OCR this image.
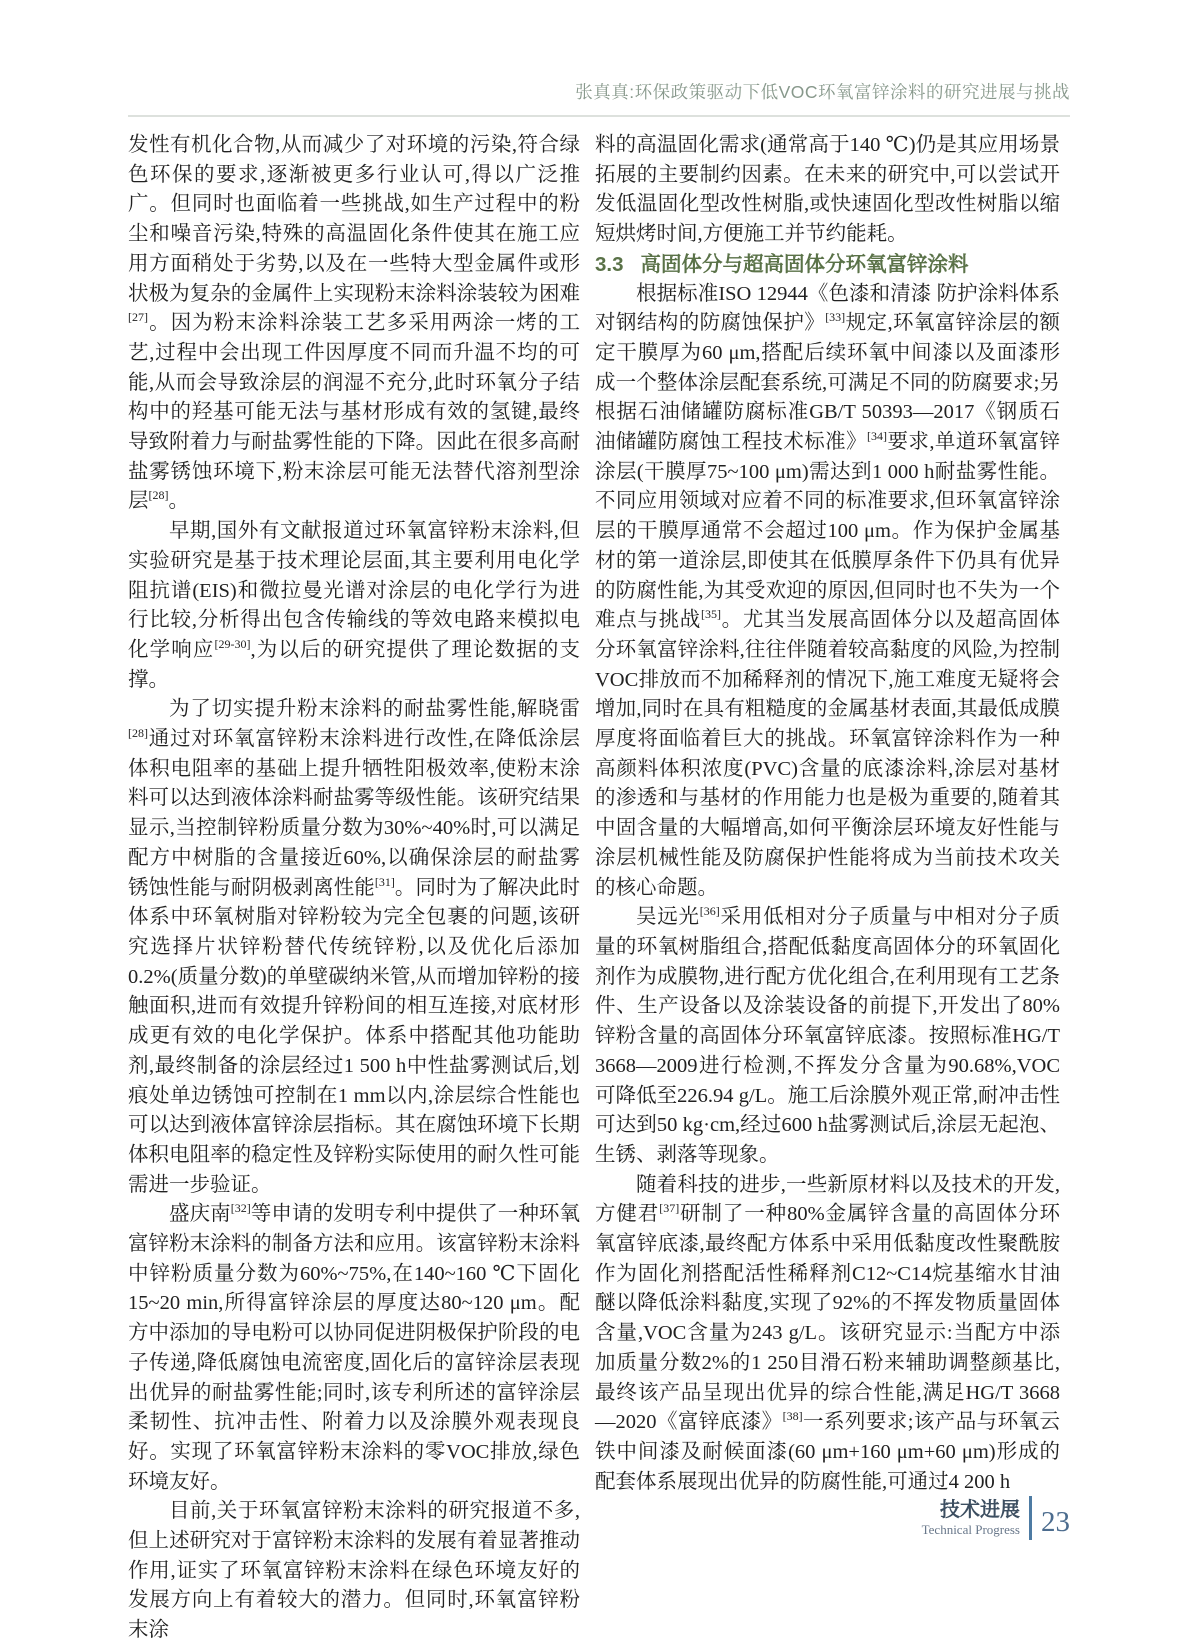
张真真:环保政策驱动下低VOC环氧富锌涂料的研究进展与挑战

发性有机化合物,从而减少了对环境的污染,符合绿色环保的要求,逐渐被更多行业认可,得以广泛推广。但同时也面临着一些挑战,如生产过程中的粉尘和噪音污染,特殊的高温固化条件使其在施工应用方面稍处于劣势,以及在一些特大型金属件或形状极为复杂的金属件上实现粉末涂料涂装较为困难[27]。因为粉末涂料涂装工艺多采用两涂一烤的工艺,过程中会出现工件因厚度不同而升温不均的可能,从而会导致涂层的润湿不充分,此时环氧分子结构中的羟基可能无法与基材形成有效的氢键,最终导致附着力与耐盐雾性能的下降。因此在很多高耐盐雾锈蚀环境下,粉末涂层可能无法替代溶剂型涂层[28]。

早期,国外有文献报道过环氧富锌粉末涂料,但实验研究是基于技术理论层面,其主要利用电化学阻抗谱(EIS)和微拉曼光谱对涂层的电化学行为进行比较,分析得出包含传输线的等效电路来模拟电化学响应[29-30],为以后的研究提供了理论数据的支撑。

为了切实提升粉末涂料的耐盐雾性能,解晓雷[28]通过对环氧富锌粉末涂料进行改性,在降低涂层体积电阻率的基础上提升牺牲阳极效率,使粉末涂料可以达到液体涂料耐盐雾等级性能。该研究结果显示,当控制锌粉质量分数为30%~40%时,可以满足配方中树脂的含量接近60%,以确保涂层的耐盐雾锈蚀性能与耐阴极剥离性能[31]。同时为了解决此时体系中环氧树脂对锌粉较为完全包裹的问题,该研究选择片状锌粉替代传统锌粉,以及优化后添加0.2%(质量分数)的单壁碳纳米管,从而增加锌粉的接触面积,进而有效提升锌粉间的相互连接,对底材形成更有效的电化学保护。体系中搭配其他功能助剂,最终制备的涂层经过1 500 h中性盐雾测试后,划痕处单边锈蚀可控制在1 mm以内,涂层综合性能也可以达到液体富锌涂层指标。其在腐蚀环境下长期体积电阻率的稳定性及锌粉实际使用的耐久性可能需进一步验证。

盛庆南[32]等申请的发明专利中提供了一种环氧富锌粉末涂料的制备方法和应用。该富锌粉末涂料中锌粉质量分数为60%~75%,在140~160 ℃下固化15~20 min,所得富锌涂层的厚度达80~120 μm。配方中添加的导电粉可以协同促进阴极保护阶段的电子传递,降低腐蚀电流密度,固化后的富锌涂层表现出优异的耐盐雾性能;同时,该专利所述的富锌涂层柔韧性、抗冲击性、附着力以及涂膜外观表现良好。实现了环氧富锌粉末涂料的零VOC排放,绿色环境友好。

目前,关于环氧富锌粉末涂料的研究报道不多,但上述研究对于富锌粉末涂料的发展有着显著推动作用,证实了环氧富锌粉末涂料在绿色环境友好的发展方向上有着较大的潜力。但同时,环氧富锌粉末涂

料的高温固化需求(通常高于140 ℃)仍是其应用场景拓展的主要制约因素。在未来的研究中,可以尝试开发低温固化型改性树脂,或快速固化型改性树脂以缩短烘烤时间,方便施工并节约能耗。

3.3 高固体分与超高固体分环氧富锌涂料

根据标准ISO 12944《色漆和清漆 防护涂料体系对钢结构的防腐蚀保护》[33]规定,环氧富锌涂层的额定干膜厚为60 μm,搭配后续环氧中间漆以及面漆形成一个整体涂层配套系统,可满足不同的防腐要求;另根据石油储罐防腐标准GB/T 50393—2017《钢质石油储罐防腐蚀工程技术标准》[34]要求,单道环氧富锌涂层(干膜厚75~100 μm)需达到1 000 h耐盐雾性能。不同应用领域对应着不同的标准要求,但环氧富锌涂层的干膜厚通常不会超过100 μm。作为保护金属基材的第一道涂层,即使其在低膜厚条件下仍具有优异的防腐性能,为其受欢迎的原因,但同时也不失为一个难点与挑战[35]。尤其当发展高固体分以及超高固体分环氧富锌涂料,往往伴随着较高黏度的风险,为控制VOC排放而不加稀释剂的情况下,施工难度无疑将会增加,同时在具有粗糙度的金属基材表面,其最低成膜厚度将面临着巨大的挑战。环氧富锌涂料作为一种高颜料体积浓度(PVC)含量的底漆涂料,涂层对基材的渗透和与基材的作用能力也是极为重要的,随着其中固含量的大幅增高,如何平衡涂层环境友好性能与涂层机械性能及防腐保护性能将成为当前技术攻关的核心命题。

吴远光[36]采用低相对分子质量与中相对分子质量的环氧树脂组合,搭配低黏度高固体分的环氧固化剂作为成膜物,进行配方优化组合,在利用现有工艺条件、生产设备以及涂装设备的前提下,开发出了80%锌粉含量的高固体分环氧富锌底漆。按照标准HG/T 3668—2009进行检测,不挥发分含量为90.68%,VOC可降低至226.94 g/L。施工后涂膜外观正常,耐冲击性可达到50 kg·cm,经过600 h盐雾测试后,涂层无起泡、生锈、剥落等现象。

随着科技的进步,一些新原材料以及技术的开发,方健君[37]研制了一种80%金属锌含量的高固体分环氧富锌底漆,最终配方体系中采用低黏度改性聚酰胺作为固化剂搭配活性稀释剂C12~C14烷基缩水甘油醚以降低涂料黏度,实现了92%的不挥发物质量固体含量,VOC含量为243 g/L。该研究显示:当配方中添加质量分数2%的1 250目滑石粉来辅助调整颜基比,最终该产品呈现出优异的综合性能,满足HG/T 3668—2020《富锌底漆》[38]一系列要求;该产品与环氧云铁中间漆及耐候面漆(60 μm+160 μm+60 μm)形成的配套体系展现出优异的防腐性能,可通过4 200 h

技术进展
Technical Progress 23
